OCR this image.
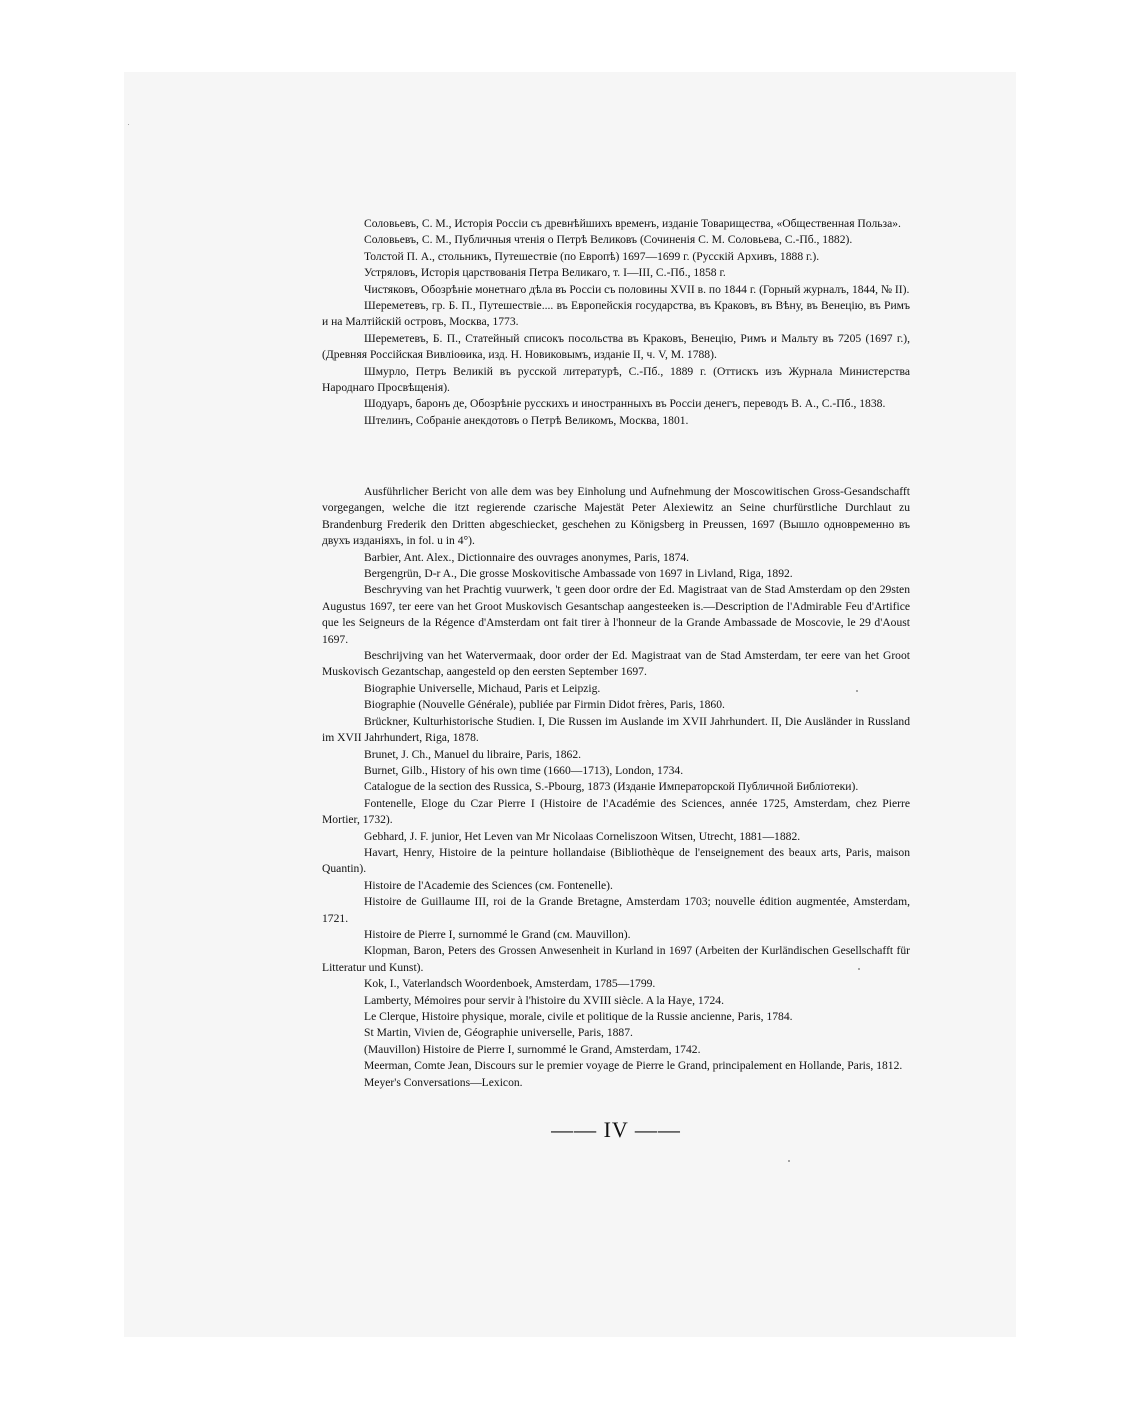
Соловьевъ, С. М., Исторія Россіи съ древнѣйшихъ временъ, изданіе Товарищества, «Общественная Польза».

Соловьевъ, С. М., Публичныя чтенія о Петрѣ Великовъ (Сочиненія С. М. Соловьева, С.-Пб., 1882).

Толстой П. А., стольникъ, Путешествіе (по Европѣ) 1697—1699 г. (Русскій Архивъ, 1888 г.).

Устряловъ, Исторія царствованія Петра Великаго, т. I—III, С.-Пб., 1858 г.

Чистяковъ, Обозрѣніе монетнаго дѣла въ Россіи съ половины XVII в. по 1844 г. (Горный журналъ, 1844, № II).

Шереметевъ, гр. Б. П., Путешествіе.... въ Европейскія государства, въ Краковъ, въ Вѣну, въ Венецію, въ Римъ и на Малтійскій островъ, Москва, 1773.

Шереметевъ, Б. П., Статейный списокъ посольства въ Краковъ, Венецію, Римъ и Мальту въ 7205 (1697 г.), (Древняя Россійская Вивліоѳика, изд. Н. Новиковымъ, изданіе II, ч. V, М. 1788).

Шмурло, Петръ Великій въ русской литературѣ, С.-Пб., 1889 г. (Оттискъ изъ Журнала Министерства Народнаго Просвѣщенія).

Шодуаръ, баронъ де, Обозрѣніе русскихъ и иностранныхъ въ Россіи денегъ, переводъ В. А., С.-Пб., 1838.

Штелинъ, Собраніе анекдотовъ о Петрѣ Великомъ, Москва, 1801.

Ausführlicher Bericht von alle dem was bey Einholung und Aufnehmung der Moscowitischen Gross-Gesandschafft vorgegangen, welche die itzt regierende czarische Majestät Peter Alexiewitz an Seine churfürstliche Durchlaut zu Brandenburg Frederik den Dritten abgeschiecket, geschehen zu Königsberg in Preussen, 1697 (Вышло одновременно въ двухъ изданіяхъ, in fol. u in 4°).

Barbier, Ant. Alex., Dictionnaire des ouvrages anonymes, Paris, 1874.

Bergengrün, D-r A., Die grosse Moskovitische Ambassade von 1697 in Livland, Riga, 1892.

Beschryving van het Prachtig vuurwerk, 't geen door ordre der Ed. Magistraat van de Stad Amsterdam op den 29sten Augustus 1697, ter eere van het Groot Muskovisch Gesantschap aangesteeken is.—Description de l'Admirable Feu d'Artifice que les Seigneurs de la Régence d'Amsterdam ont fait tirer à l'honneur de la Grande Ambassade de Moscovie, le 29 d'Aoust 1697.

Beschrijving van het Watervermaak, door order der Ed. Magistraat van de Stad Amsterdam, ter eere van het Groot Muskovisch Gezantschap, aangesteld op den eersten September 1697.

Biographie Universelle, Michaud, Paris et Leipzig.

Biographie (Nouvelle Générale), publiée par Firmin Didot frères, Paris, 1860.

Brückner, Kulturhistorische Studien. I, Die Russen im Auslande im XVII Jahrhundert. II, Die Ausländer in Russland im XVII Jahrhundert, Riga, 1878.

Brunet, J. Ch., Manuel du libraire, Paris, 1862.

Burnet, Gilb., History of his own time (1660—1713), London, 1734.

Catalogue de la section des Russica, S.-Pbourg, 1873 (Изданіе Императорской Публичной Библіотеки).

Fontenelle, Eloge du Czar Pierre I (Histoire de l'Académie des Sciences, année 1725, Amsterdam, chez Pierre Mortier, 1732).

Gebhard, J. F. junior, Het Leven van Mr Nicolaas Corneliszoon Witsen, Utrecht, 1881—1882.

Havart, Henry, Histoire de la peinture hollandaise (Bibliothèque de l'enseignement des beaux arts, Paris, maison Quantin).

Histoire de l'Academie des Sciences (см. Fontenelle).

Histoire de Guillaume III, roi de la Grande Bretagne, Amsterdam 1703; nouvelle édition augmentée, Amsterdam, 1721.

Histoire de Pierre I, surnommé le Grand (см. Mauvillon).

Klopman, Baron, Peters des Grossen Anwesenheit in Kurland in 1697 (Arbeiten der Kurländischen Gesellschafft für Litteratur und Kunst).

Kok, I., Vaterlandsch Woordenboek, Amsterdam, 1785—1799.

Lamberty, Mémoires pour servir à l'histoire du XVIII siècle. A la Haye, 1724.

Le Clerque, Histoire physique, morale, civile et politique de la Russie ancienne, Paris, 1784.

St Martin, Vivien de, Géographie universelle, Paris, 1887.

(Mauvillon) Histoire de Pierre I, surnommé le Grand, Amsterdam, 1742.

Meerman, Comte Jean, Discours sur le premier voyage de Pierre le Grand, principalement en Hollande, Paris, 1812.

Meyer's Conversations—Lexicon.

—— IV ——
